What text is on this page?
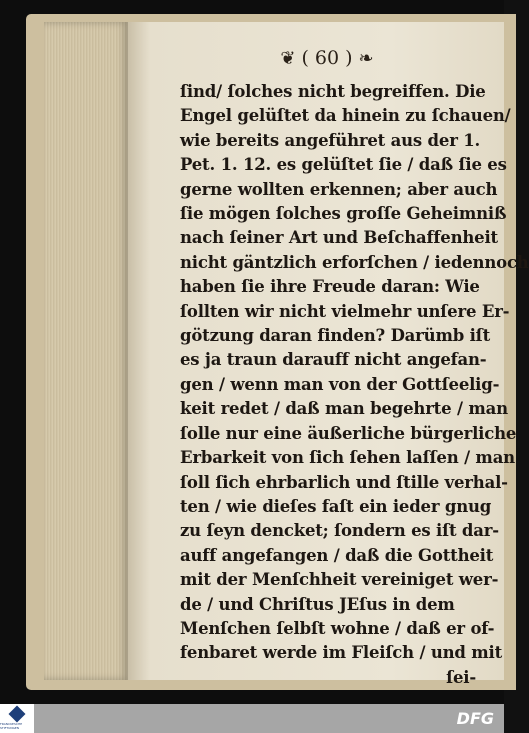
❦ ( 60 ) ❧
ſind/ ſolches nicht begreiffen. Die
Engel gelüſtet da hinein zu ſchauen/
wie bereits angeführet aus der 1.
Pet. 1. 12. es gelüſtet ſie / daß ſie es
gerne wollten erkennen; aber auch
ſie mögen ſolches groſſe Geheimniß
nach ſeiner Art und Beſchaffenheit
nicht gäntzlich erforſchen / iedennoch
haben ſie ihre Freude daran: Wie
ſollten wir nicht vielmehr unſere Er-
götzung daran finden? Darümb iſt
es ja traun darauff nicht angefan-
gen / wenn man von der Gottſeelig-
keit redet / daß man begehrte / man
ſolle nur eine äußerliche bürgerliche
Erbarkeit von ſich ſehen laſſen / man
ſoll ſich ehrbarlich und ſtille verhal-
ten / wie dieſes faſt ein ieder gnug
zu ſeyn dencket; ſondern es iſt dar-
auff angefangen / daß die Gottheit
mit der Menſchheit vereiniget wer-
de / und Chriſtus JEſus in dem
Menſchen ſelbſt wohne / daß er of-
fenbaret werde im Fleiſch / und mit
ſei-

FRANCKESCHE STIFTUNGEN	DFG
